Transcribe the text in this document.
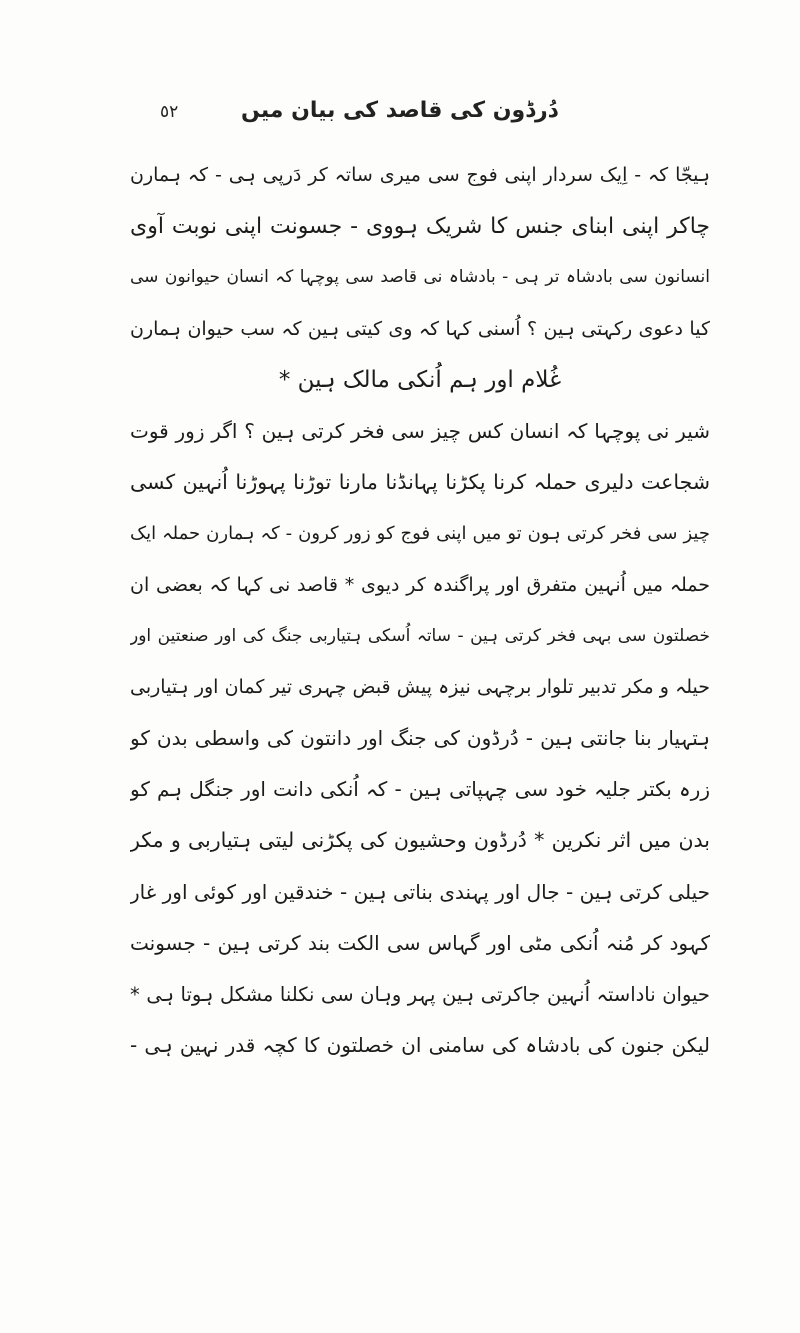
٥٢	دُرڈون کی قاصد کی بیان میں
ہیجّا کہ - اِیک سردار اپنی فوج سی میری ساتہ کر دَرپی ہی - کہ ہمارن
چاکر اپنی ابنای جنس کا شریک ہووی - جسونت اپنی نوبت آوی
انسانون سی بادشاہ تر ہی - بادشاہ نی قاصد سی پوچہا کہ انسان حیوانون سی
کیا دعوی رکہتی ہین ؟ اُسنی کہا کہ وی کیتی ہین کہ سب حیوان ہمارن
غُلام اور ہم اُنکی مالک ہین *
شیر نی پوچہا کہ انسان کس چیز سی فخر کرتی ہین ؟ اگر زور قوت
شجاعت دلیری حملہ کرنا پکڑنا پہانڈنا مارنا توڑنا پہوڑنا اُنہین کسی
چیز سی فخر کرتی ہون تو میں اپنی فوج کو زور کرون - کہ ہمارن حملہ ایک
حملہ میں اُنہین متفرق اور پراگندہ کر دیوی * قاصد نی کہا کہ بعضی ان
خصلتون سی بہی فخر کرتی ہین - ساتہ اُسکی ہتیاربی جنگ کی اور صنعتین اور
حیلہ و مکر تدبیر تلوار برچہی نیزہ پیش قبض چہری تیر کمان اور ہتیاربی
ہتہیار بنا جانتی ہین - دُرڈون کی جنگ اور دانتون کی واسطی بدن کو
زرہ بکتر جلیہ خود سی چہپاتی ہین - کہ اُنکی دانت اور جنگل ہم کو
بدن میں اثر نکرین * دُرڈون وحشیون کی پکڑنی لیتی ہتیاربی و مکر
حیلی کرتی ہین - جال اور پہندی بناتی ہین - خندقین اور کوئی اور غار
کہود کر مُنہ اُنکی مٹی اور گہاس سی الکت بند کرتی ہین - جسونت
حیوان ناداستہ اُنہین جاکرتی ہین پہر وہان سی نکلنا مشکل ہوتا ہی *
لیکن جنون کی بادشاہ کی سامنی ان خصلتون کا کچہ قدر نہین ہی -
